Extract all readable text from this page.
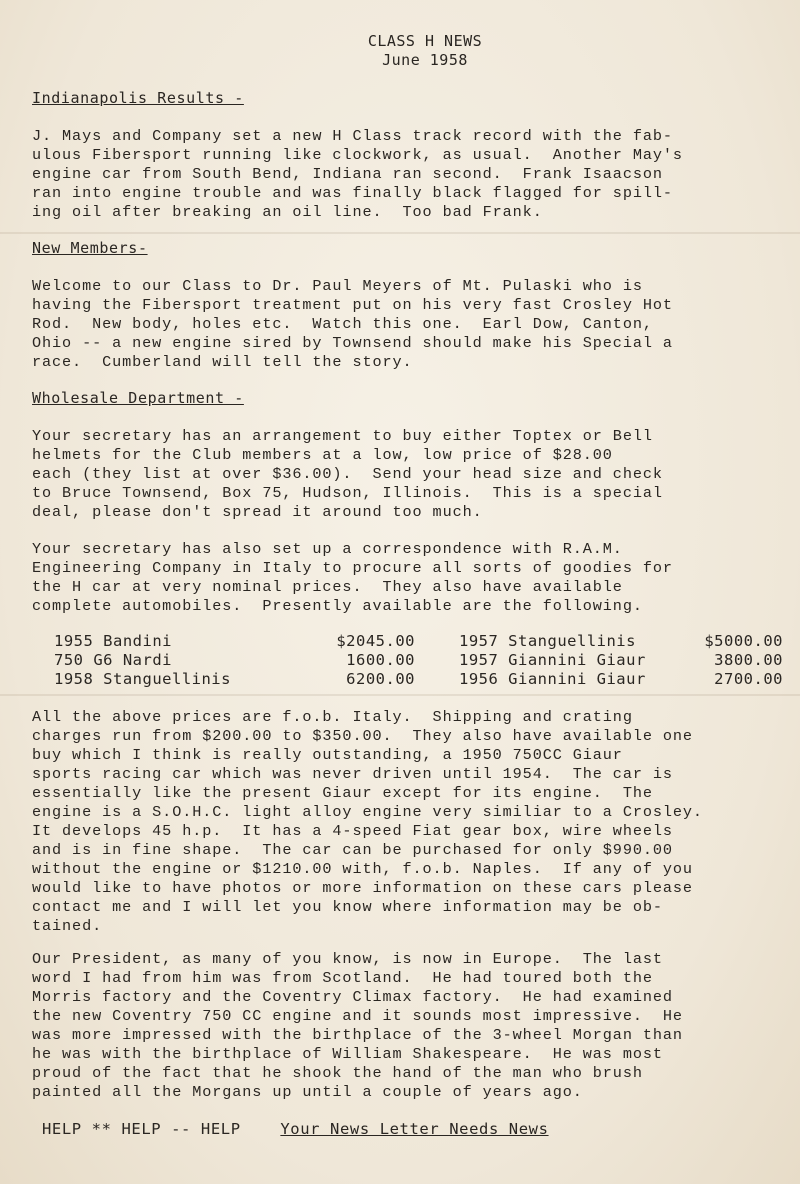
CLASS H NEWS
June 1958
Indianapolis Results -
J. Mays and Company set a new H Class track record with the fab-
ulous Fibersport running like clockwork, as usual.  Another May's
engine car from South Bend, Indiana ran second.  Frank Isaacson
ran into engine trouble and was finally black flagged for spill-
ing oil after breaking an oil line.  Too bad Frank.
New Members-
Welcome to our Class to Dr. Paul Meyers of Mt. Pulaski who is
having the Fibersport treatment put on his very fast Crosley Hot
Rod.  New body, holes etc.  Watch this one.  Earl Dow, Canton,
Ohio -- a new engine sired by Townsend should make his Special a
race.  Cumberland will tell the story.
Wholesale Department -
Your secretary has an arrangement to buy either Toptex or Bell
helmets for the Club members at a low, low price of $28.00
each (they list at over $36.00).  Send your head size and check
to Bruce Townsend, Box 75, Hudson, Illinois.  This is a special
deal, please don't spread it around too much.
Your secretary has also set up a correspondence with R.A.M.
Engineering Company in Italy to procure all sorts of goodies for
the H car at very nominal prices.  They also have available
complete automobiles.  Presently available are the following.
1955 Bandini	$2045.00	1957 Stanguellinis	$5000.00
750 G6 Nardi	1600.00	1957 Giannini Giaur	3800.00
1958 Stanguellinis	6200.00	1956 Giannini Giaur	2700.00
All the above prices are f.o.b. Italy.  Shipping and crating
charges run from $200.00 to $350.00.  They also have available one
buy which I think is really outstanding, a 1950 750CC Giaur
sports racing car which was never driven until 1954.  The car is
essentially like the present Giaur except for its engine.  The
engine is a S.O.H.C. light alloy engine very similiar to a Crosley.
It develops 45 h.p.  It has a 4-speed Fiat gear box, wire wheels
and is in fine shape.  The car can be purchased for only $990.00
without the engine or $1210.00 with, f.o.b. Naples.  If any of you
would like to have photos or more information on these cars please
contact me and I will let you know where information may be ob-
tained.
Our President, as many of you know, is now in Europe.  The last
word I had from him was from Scotland.  He had toured both the
Morris factory and the Coventry Climax factory.  He had examined
the new Coventry 750 CC engine and it sounds most impressive.  He
was more impressed with the birthplace of the 3-wheel Morgan than
he was with the birthplace of William Shakespeare.  He was most
proud of the fact that he shook the hand of the man who brush
painted all the Morgans up until a couple of years ago.
HELP ** HELP -- HELP	Your News Letter Needs News
